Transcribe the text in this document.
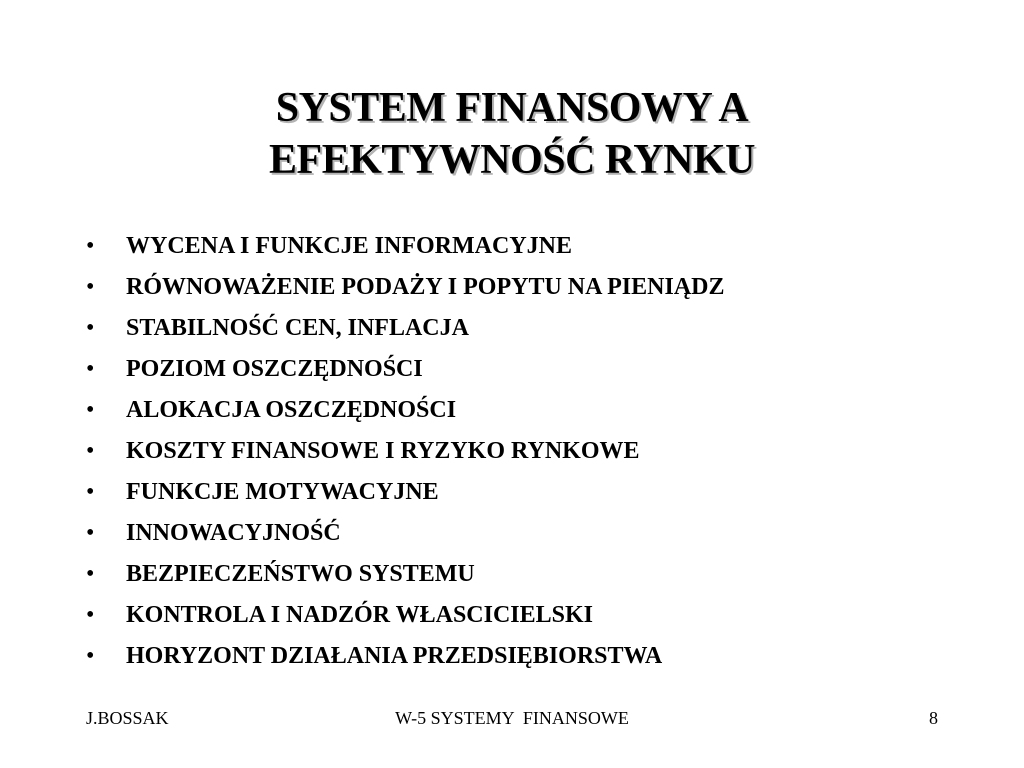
SYSTEM FINANSOWY A
EFEKTYWNOŚĆ RYNKU
• WYCENA I FUNKCJE INFORMACYJNE
• RÓWNOWAŻENIE PODAŻY I POPYTU NA PIENIĄDZ
• STABILNOŚĆ CEN, INFLACJA
• POZIOM OSZCZĘDNOŚCI
• ALOKACJA OSZCZĘDNOŚCI
• KOSZTY FINANSOWE I RYZYKO RYNKOWE
• FUNKCJE MOTYWACYJNE
• INNOWACYJNOŚĆ
• BEZPIECZEŃSTWO SYSTEMU
• KONTROLA I NADZÓR WŁASCICIELSKI
• HORYZONT DZIAŁANIA PRZEDSIĘBIORSTWA
J.BOSSAK	W-5 SYSTEMY  FINANSOWE	8
